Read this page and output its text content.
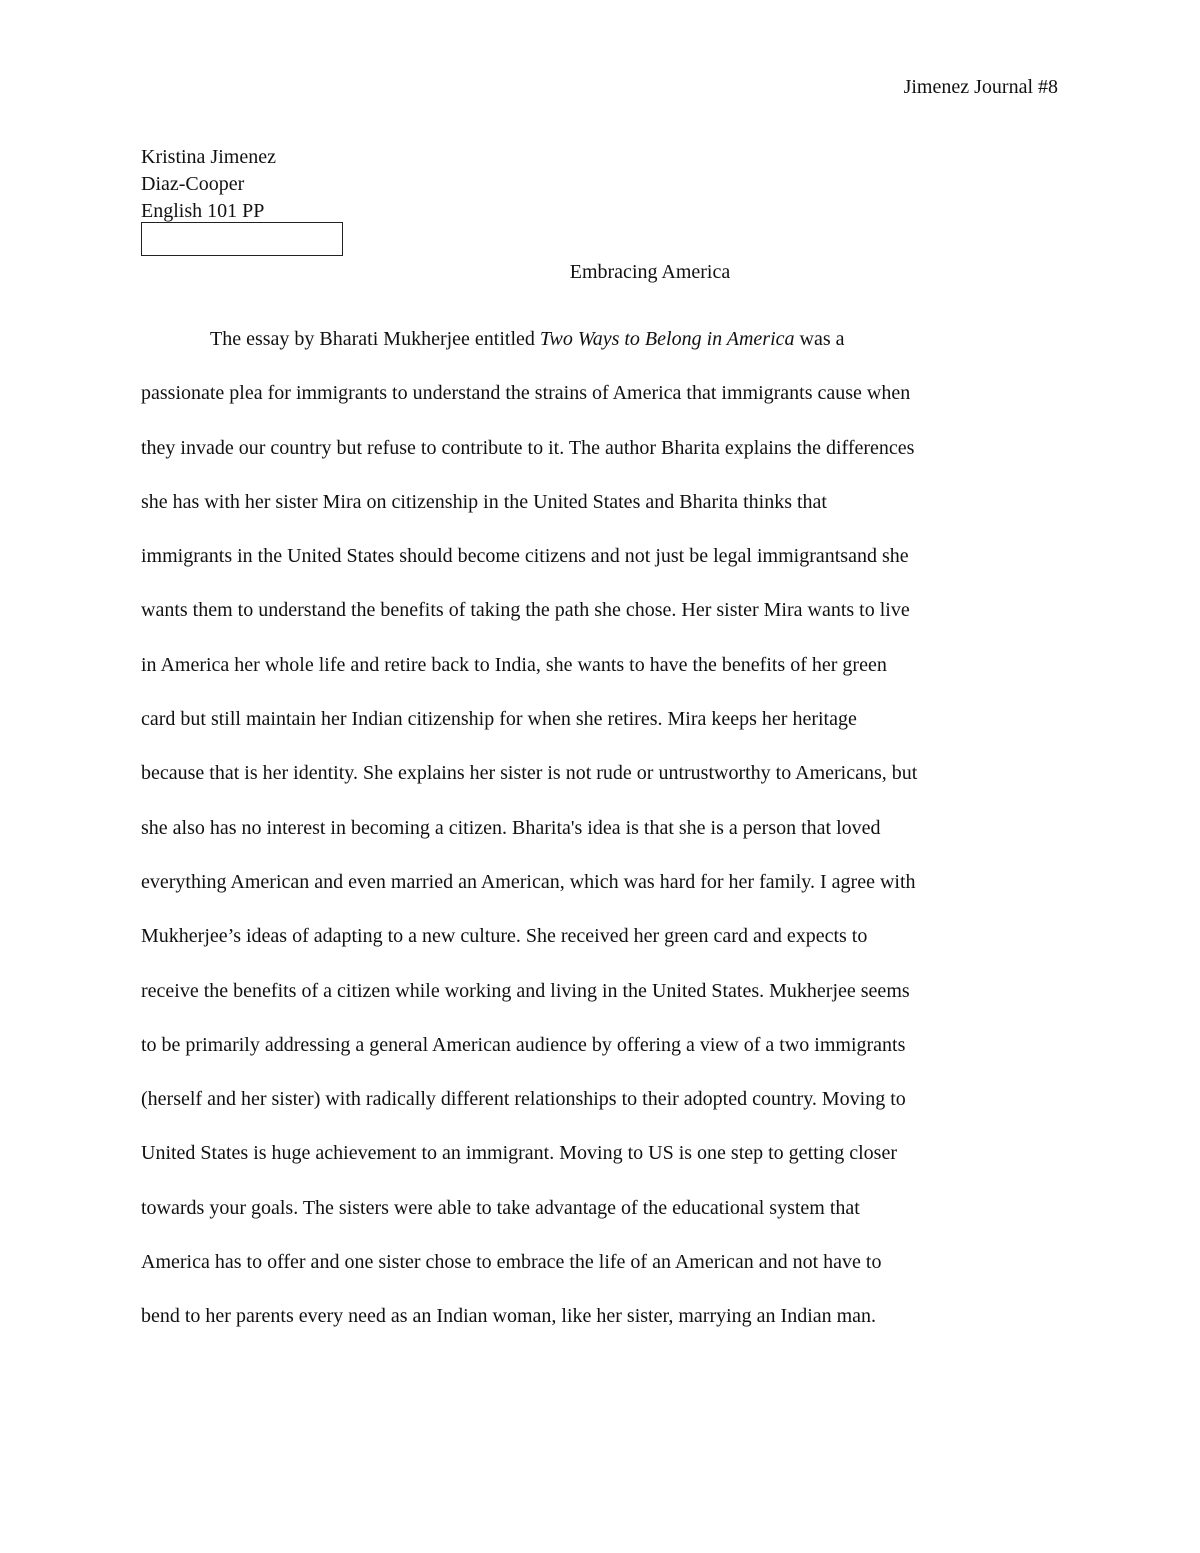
Jimenez Journal #8
Kristina Jimenez
Diaz-Cooper
English 101 PP
Embracing America
The essay by Bharati Mukherjee entitled Two Ways to Belong in America was a
passionate plea for immigrants to understand the strains of America that immigrants cause when
they invade our country but refuse to contribute to it. The author Bharita explains the differences
she has with her sister Mira on citizenship in the United States and Bharita thinks that
immigrants in the United States should become citizens and not just be legal immigrantsand she
wants them to understand the benefits of taking the path she chose. Her sister Mira wants to live
in America her whole life and retire back to India, she wants to have the benefits of her green
card but still maintain her Indian citizenship for when she retires. Mira keeps her heritage
because that is her identity. She explains her sister is not rude or untrustworthy to Americans, but
she also has no interest in becoming a citizen. Bharita's idea is that she is a person that loved
everything American and even married an American, which was hard for her family. I agree with
Mukherjee’s ideas of adapting to a new culture. She received her green card and expects to
receive the benefits of a citizen while working and living in the United States. Mukherjee seems
to be primarily addressing a general American audience by offering a view of a two immigrants
(herself and her sister) with radically different relationships to their adopted country. Moving to
United States is huge achievement to an immigrant. Moving to US is one step to getting closer
towards your goals. The sisters were able to take advantage of the educational system that
America has to offer and one sister chose to embrace the life of an American and not have to
bend to her parents every need as an Indian woman, like her sister, marrying an Indian man.
